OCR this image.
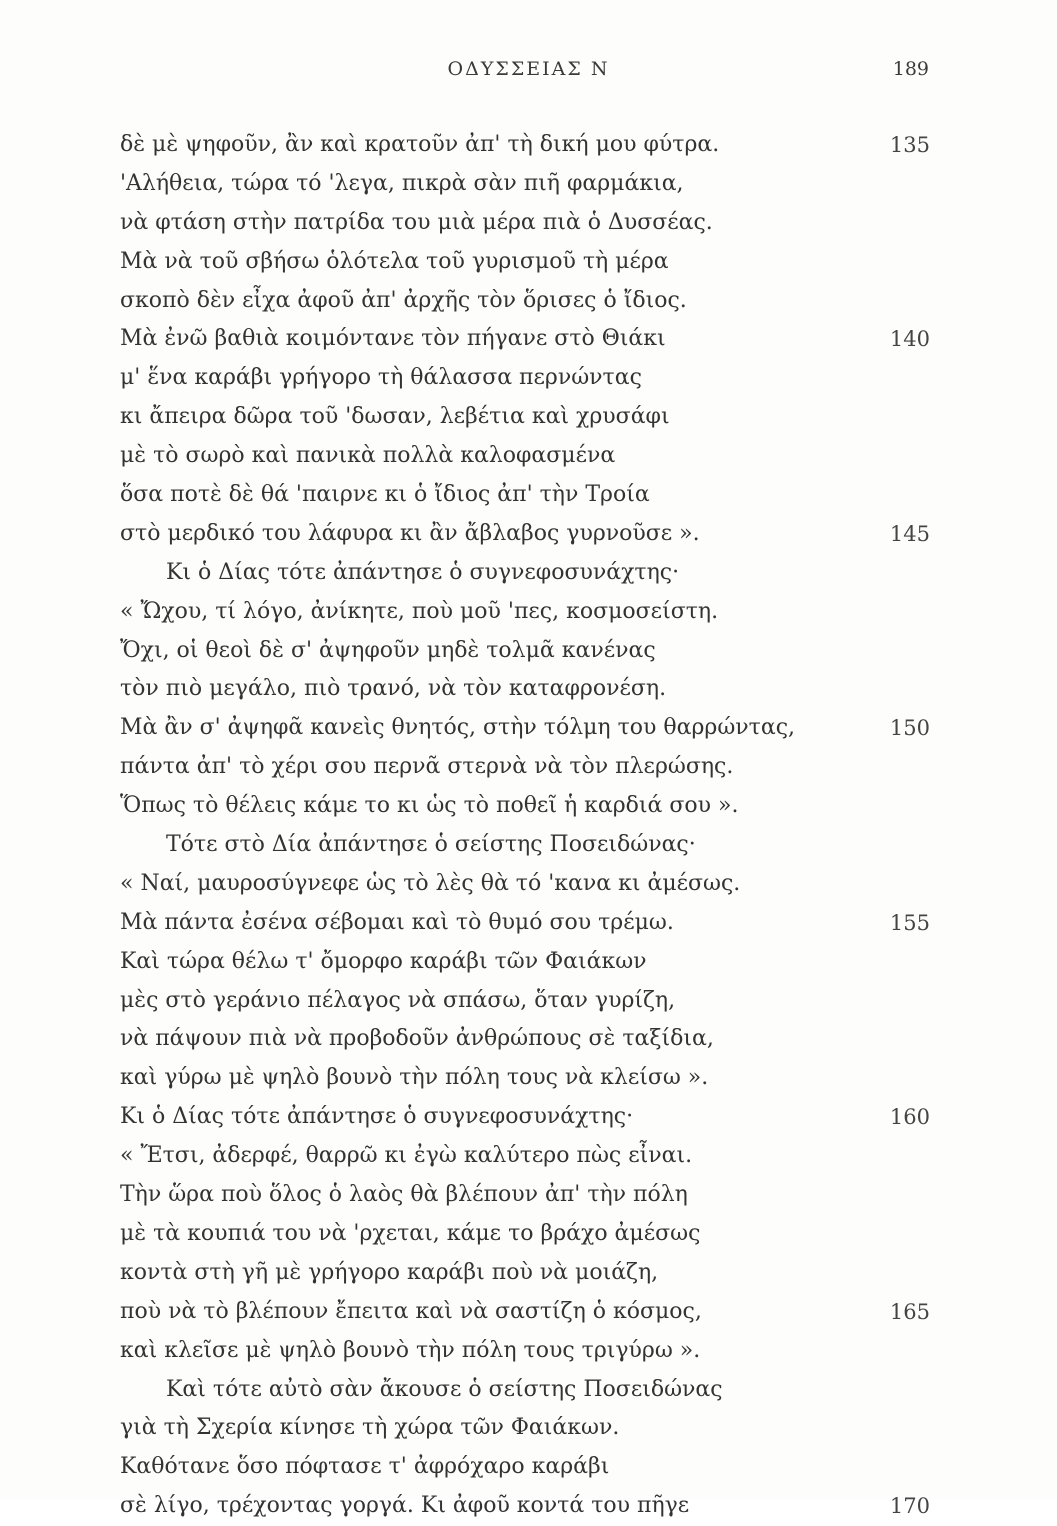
ΟΔΥΣΣΕΙΑΣ Ν	189
δὲ μὲ ψηφοῦν, ἂν καὶ κρατοῦν ἀπ' τὴ δική μου φύτρα.	135
'Αλήθεια, τώρα τό 'λεγα, πικρὰ σὰν πιῆ φαρμάκια,
νὰ φτάση στὴν πατρίδα του μιὰ μέρα πιὰ ὁ Δυσσέας.
Μὰ νὰ τοῦ σβήσω ὁλότελα τοῦ γυρισμοῦ τὴ μέρα
σκοπὸ δὲν εἶχα ἀφοῦ ἀπ' ἀρχῆς τὸν ὅρισες ὁ ἴδιος.
Μὰ ἐνῶ βαθιὰ κοιμόντανε τὸν πήγανε στὸ Θιάκι	140
μ' ἕνα καράβι γρήγορο τὴ θάλασσα περνώντας
κι ἄπειρα δῶρα τοῦ 'δωσαν, λεβέτια καὶ χρυσάφι
μὲ τὸ σωρὸ καὶ πανικὰ πολλὰ καλοφασμένα
ὅσα ποτὲ δὲ θά 'παιρνε κι ὁ ἴδιος ἀπ' τὴν Τροία
στὸ μερδικό του λάφυρα κι ἂν ἄβλαβος γυρνοῦσε ».	145
Κι ὁ Δίας τότε ἀπάντησε ὁ συγνεφοσυνάχτης·
« Ὤχου, τί λόγο, ἀνίκητε, ποὺ μοῦ 'πες, κοσμοσείστη.
Ὄχι, οἱ θεοὶ δὲ σ' ἀψηφοῦν μηδὲ τολμᾶ κανένας
τὸν πιὸ μεγάλο, πιὸ τρανό, νὰ τὸν καταφρονέση.
Μὰ ἂν σ' ἀψηφᾶ κανεὶς θνητός, στὴν τόλμη του θαρρώντας,	150
πάντα ἀπ' τὸ χέρι σου περνᾶ στερνὰ νὰ τὸν πλερώσης.
Ὅπως τὸ θέλεις κάμε το κι ὡς τὸ ποθεῖ ἡ καρδιά σου ».
Τότε στὸ Δία ἀπάντησε ὁ σείστης Ποσειδώνας·
« Ναί, μαυροσύγνεφε ὡς τὸ λὲς θὰ τό 'κανα κι ἀμέσως.
Μὰ πάντα ἐσένα σέβομαι καὶ τὸ θυμό σου τρέμω.	155
Καὶ τώρα θέλω τ' ὄμορφο καράβι τῶν Φαιάκων
μὲς στὸ γεράνιο πέλαγος νὰ σπάσω, ὅταν γυρίζη,
νὰ πάψουν πιὰ νὰ προβοδοῦν ἀνθρώπους σὲ ταξίδια,
καὶ γύρω μὲ ψηλὸ βουνὸ τὴν πόλη τους νὰ κλείσω ».
Κι ὁ Δίας τότε ἀπάντησε ὁ συγνεφοσυνάχτης·	160
« Ἔτσι, ἀδερφέ, θαρρῶ κι ἐγὼ καλύτερο πὼς εἶναι.
Τὴν ὥρα ποὺ ὅλος ὁ λαὸς θὰ βλέπουν ἀπ' τὴν πόλη
μὲ τὰ κουπιά του νὰ 'ρχεται, κάμε το βράχο ἀμέσως
κοντὰ στὴ γῆ μὲ γρήγορο καράβι ποὺ νὰ μοιάζη,
ποὺ νὰ τὸ βλέπουν ἔπειτα καὶ νὰ σαστίζη ὁ κόσμος,	165
καὶ κλεῖσε μὲ ψηλὸ βουνὸ τὴν πόλη τους τριγύρω ».
Καὶ τότε αὐτὸ σὰν ἄκουσε ὁ σείστης Ποσειδώνας
γιὰ τὴ Σχερία κίνησε τὴ χώρα τῶν Φαιάκων.
Καθότανε ὅσο πόφτασε τ' ἀφρόχαρο καράβι
σὲ λίγο, τρέχοντας γοργά. Κι ἀφοῦ κοντά του πῆγε	170
